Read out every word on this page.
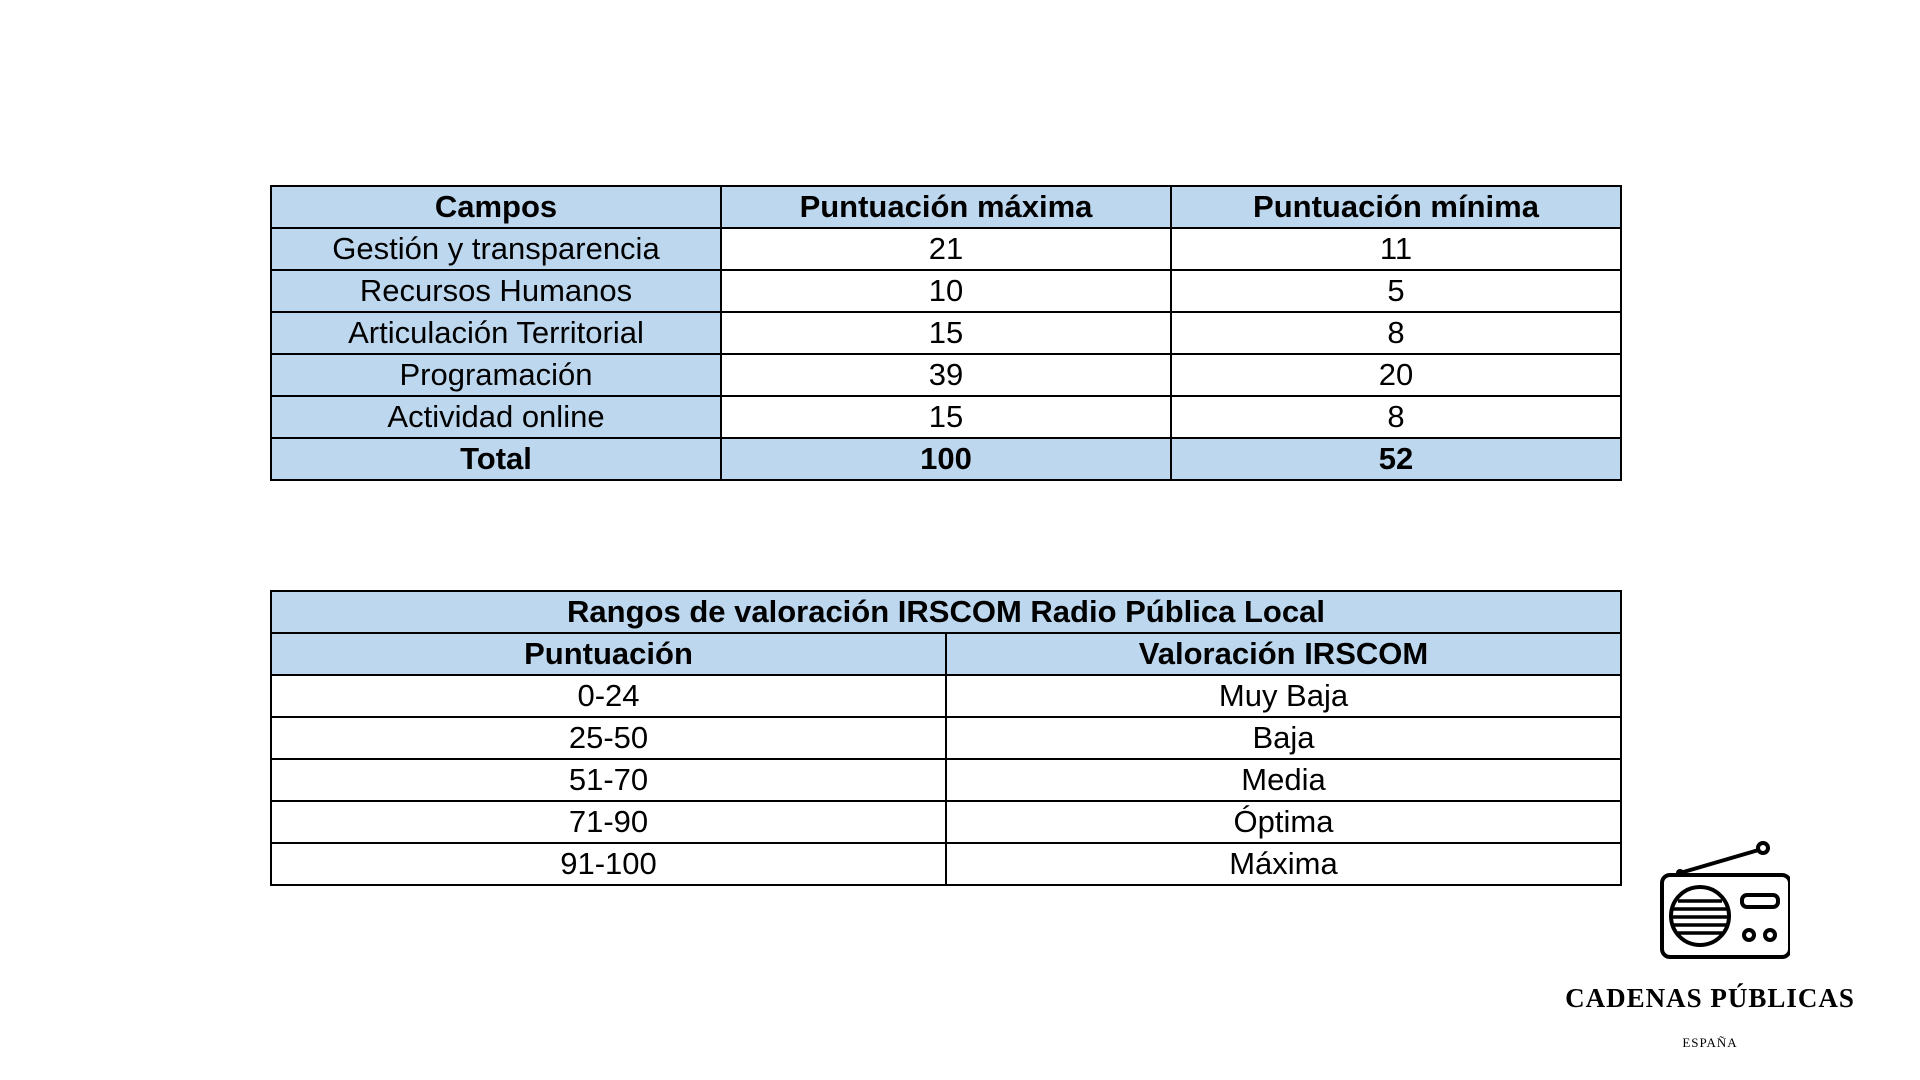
Campos	Puntuación máxima	Puntuación mínima
Gestión y transparencia	21	11
Recursos Humanos	10	5
Articulación Territorial	15	8
Programación	39	20
Actividad online	15	8
Total	100	52
Rangos de valoración IRSCOM Radio Pública Local	
Puntuación	Valoración IRSCOM
0-24	Muy Baja
25-50	Baja
51-70	Media
71-90	Óptima
91-100	Máxima
CADENAS PÚBLICAS
ESPAÑA
